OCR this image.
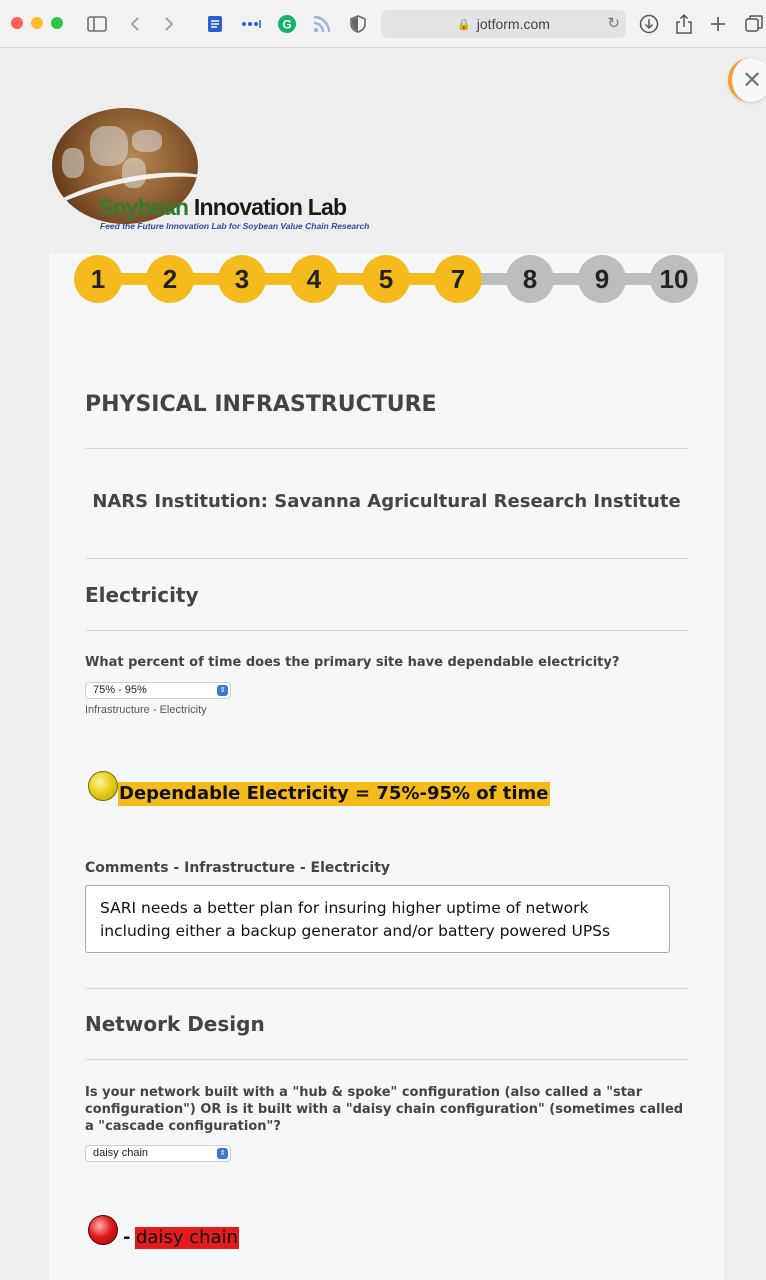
G	🔒 jotform.com	↻
✕
Soybean Innovation Lab
Feed the Future Innovation Lab for Soybean Value Chain Research
1	2	3	4	5	7	8	9	10
PHYSICAL INFRASTRUCTURE
NARS Institution: Savanna Agricultural Research Institute
Electricity
What percent of time does the primary site have dependable electricity?
75% - 95%	⇕
Infrastructure - Electricity
Dependable Electricity = 75%-95% of time
Comments - Infrastructure - Electricity
SARI needs a better plan for insuring higher uptime of network including either a backup generator and/or battery powered UPSs
Network Design
Is your network built with a "hub & spoke" configuration (also called a "star configuration") OR is it built with a "daisy chain configuration" (sometimes called a "cascade configuration"?
daisy chain	⇕
- daisy chain
